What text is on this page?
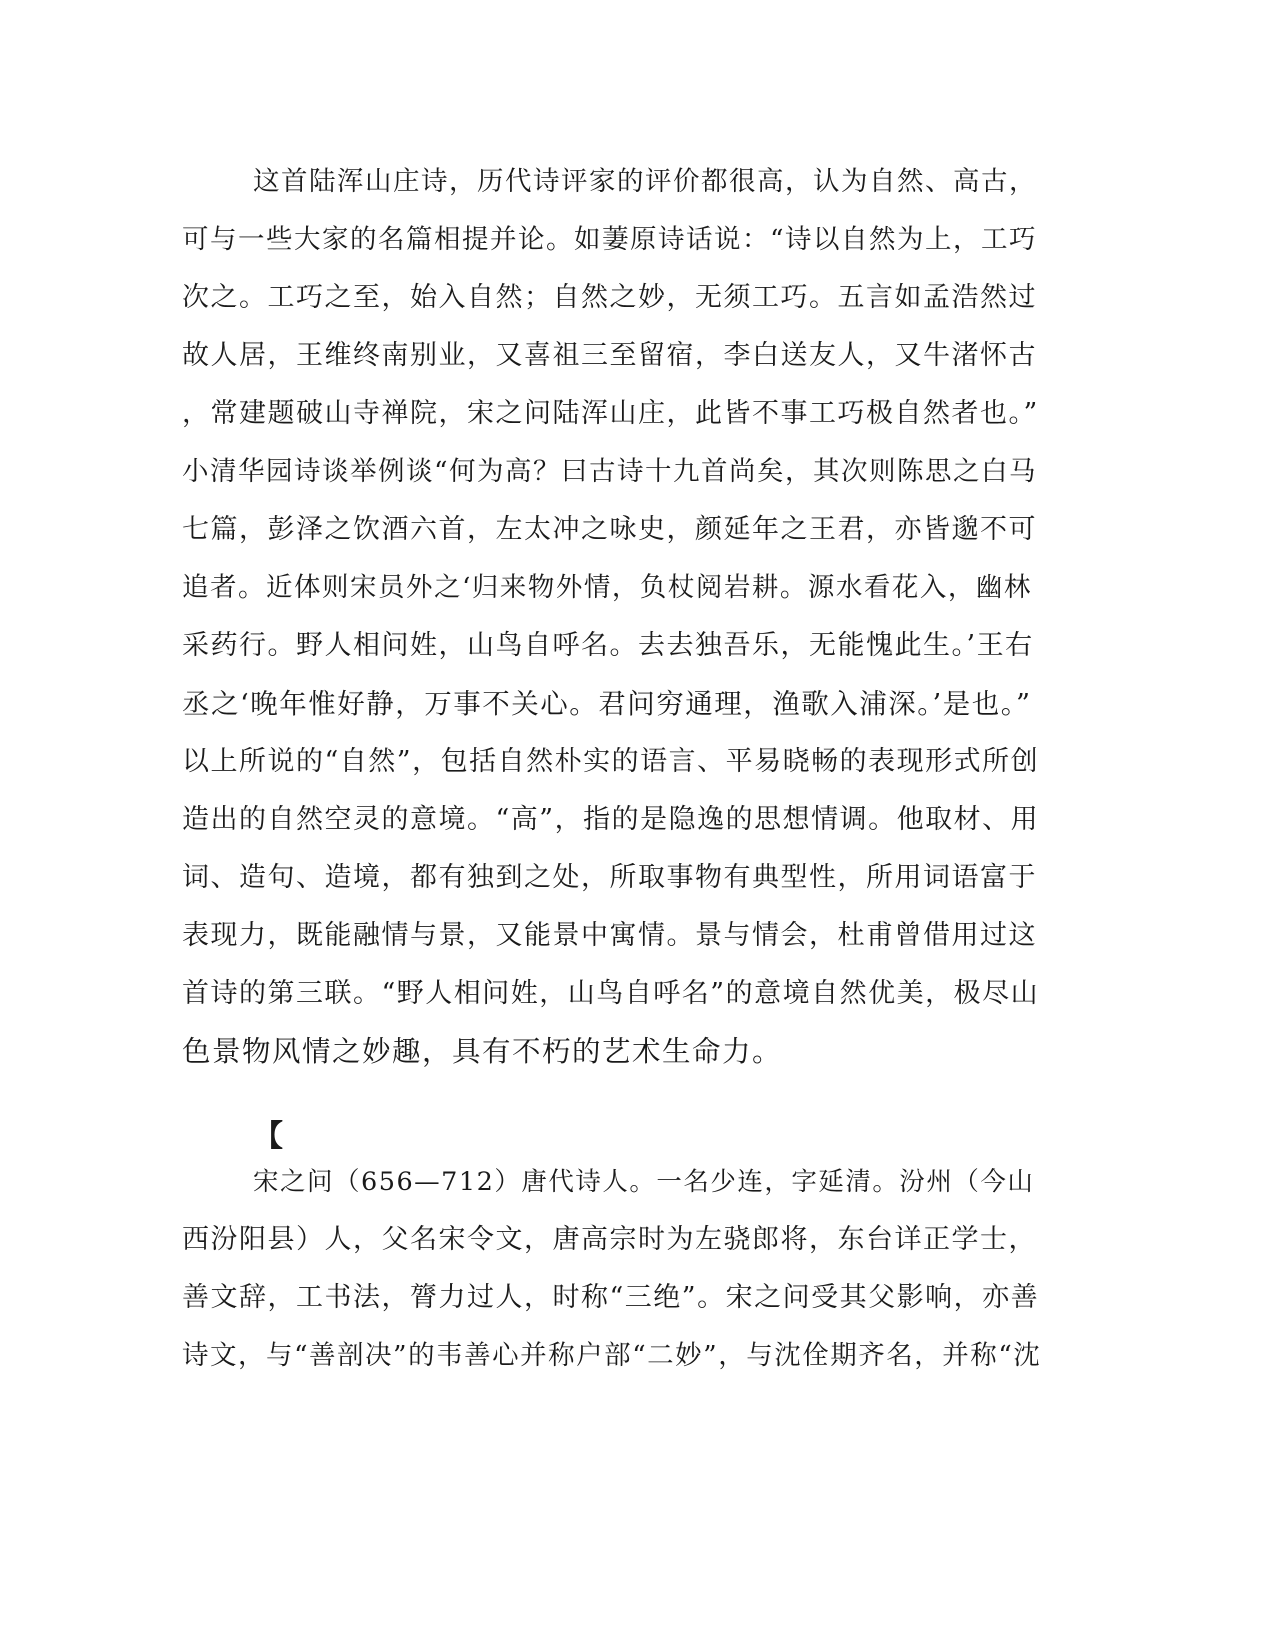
这首陆浑山庄诗，历代诗评家的评价都很高，认为自然、高古，
可与一些大家的名篇相提并论。如萋原诗话说：“诗以自然为上，工巧
次之。工巧之至，始入自然；自然之妙，无须工巧。五言如孟浩然过
故人居，王维终南别业，又喜祖三至留宿，李白送友人，又牛渚怀古
，常建题破山寺禅院，宋之问陆浑山庄，此皆不事工巧极自然者也。”
小清华园诗谈举例谈“何为高？曰古诗十九首尚矣，其次则陈思之白马
七篇，彭泽之饮酒六首，左太冲之咏史，颜延年之王君，亦皆邈不可
追者。近体则宋员外之‘归来物外情，负杖阅岩耕。源水看花入，幽林
采药行。野人相问姓，山鸟自呼名。去去独吾乐，无能愧此生。’王右
丞之‘晚年惟好静，万事不关心。君问穷通理，渔歌入浦深。’是也。”
以上所说的“自然”，包括自然朴实的语言、平易晓畅的表现形式所创
造出的自然空灵的意境。“高”，指的是隐逸的思想情调。他取材、用
词、造句、造境，都有独到之处，所取事物有典型性，所用词语富于
表现力，既能融情与景，又能景中寓情。景与情会，杜甫曾借用过这
首诗的第三联。“野人相问姓，山鸟自呼名”的意境自然优美，极尽山
色景物风情之妙趣，具有不朽的艺术生命力。
【
宋之问（656—712）唐代诗人。一名少连，字延清。汾州（今山
西汾阳县）人，父名宋令文，唐高宗时为左骁郎将，东台详正学士，
善文辞，工书法，膂力过人，时称“三绝”。宋之问受其父影响，亦善
诗文，与“善剖决”的韦善心并称户部“二妙”，与沈佺期齐名，并称“沈
